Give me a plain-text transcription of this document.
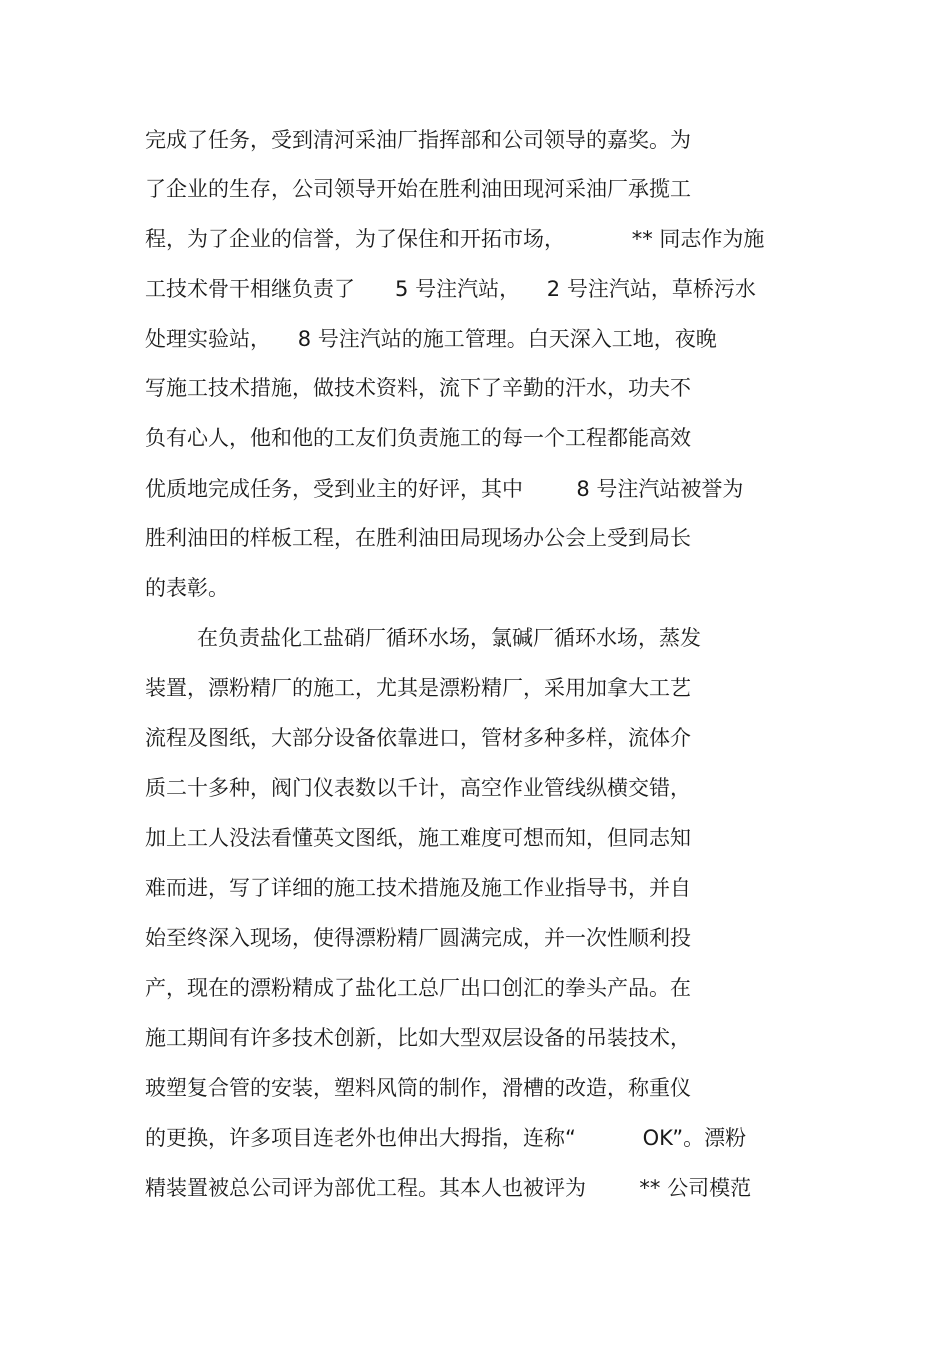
完成了任务，受到清河采油厂指挥部和公司领导的嘉奖。为

了企业的生存，公司领导开始在胜利油田现河采油厂承揽工

程，为了企业的信誉，为了保住和开拓市场，          ** 同志作为施

工技术骨干相继负责了      5 号注汽站，    2 号注汽站，草桥污水

处理实验站，    8 号注汽站的施工管理。白天深入工地，夜晚

写施工技术措施，做技术资料，流下了辛勤的汗水，功夫不

负有心人，他和他的工友们负责施工的每一个工程都能高效

优质地完成任务，受到业主的好评，其中        8 号注汽站被誉为

胜利油田的样板工程，在胜利油田局现场办公会上受到局长

的表彰。

在负责盐化工盐硝厂循环水场，氯碱厂循环水场，蒸发

装置，漂粉精厂的施工，尤其是漂粉精厂，采用加拿大工艺

流程及图纸，大部分设备依靠进口，管材多种多样，流体介

质二十多种，阀门仪表数以千计，高空作业管线纵横交错，

加上工人没法看懂英文图纸，施工难度可想而知，但同志知

难而进，写了详细的施工技术措施及施工作业指导书，并自

始至终深入现场，使得漂粉精厂圆满完成，并一次性顺利投

产，现在的漂粉精成了盐化工总厂出口创汇的拳头产品。在

施工期间有许多技术创新，比如大型双层设备的吊装技术，

玻塑复合管的安装，塑料风筒的制作，滑槽的改造，称重仪

的更换，许多项目连老外也伸出大拇指，连称“          OK”。漂粉

精装置被总公司评为部优工程。其本人也被评为        ** 公司模范
